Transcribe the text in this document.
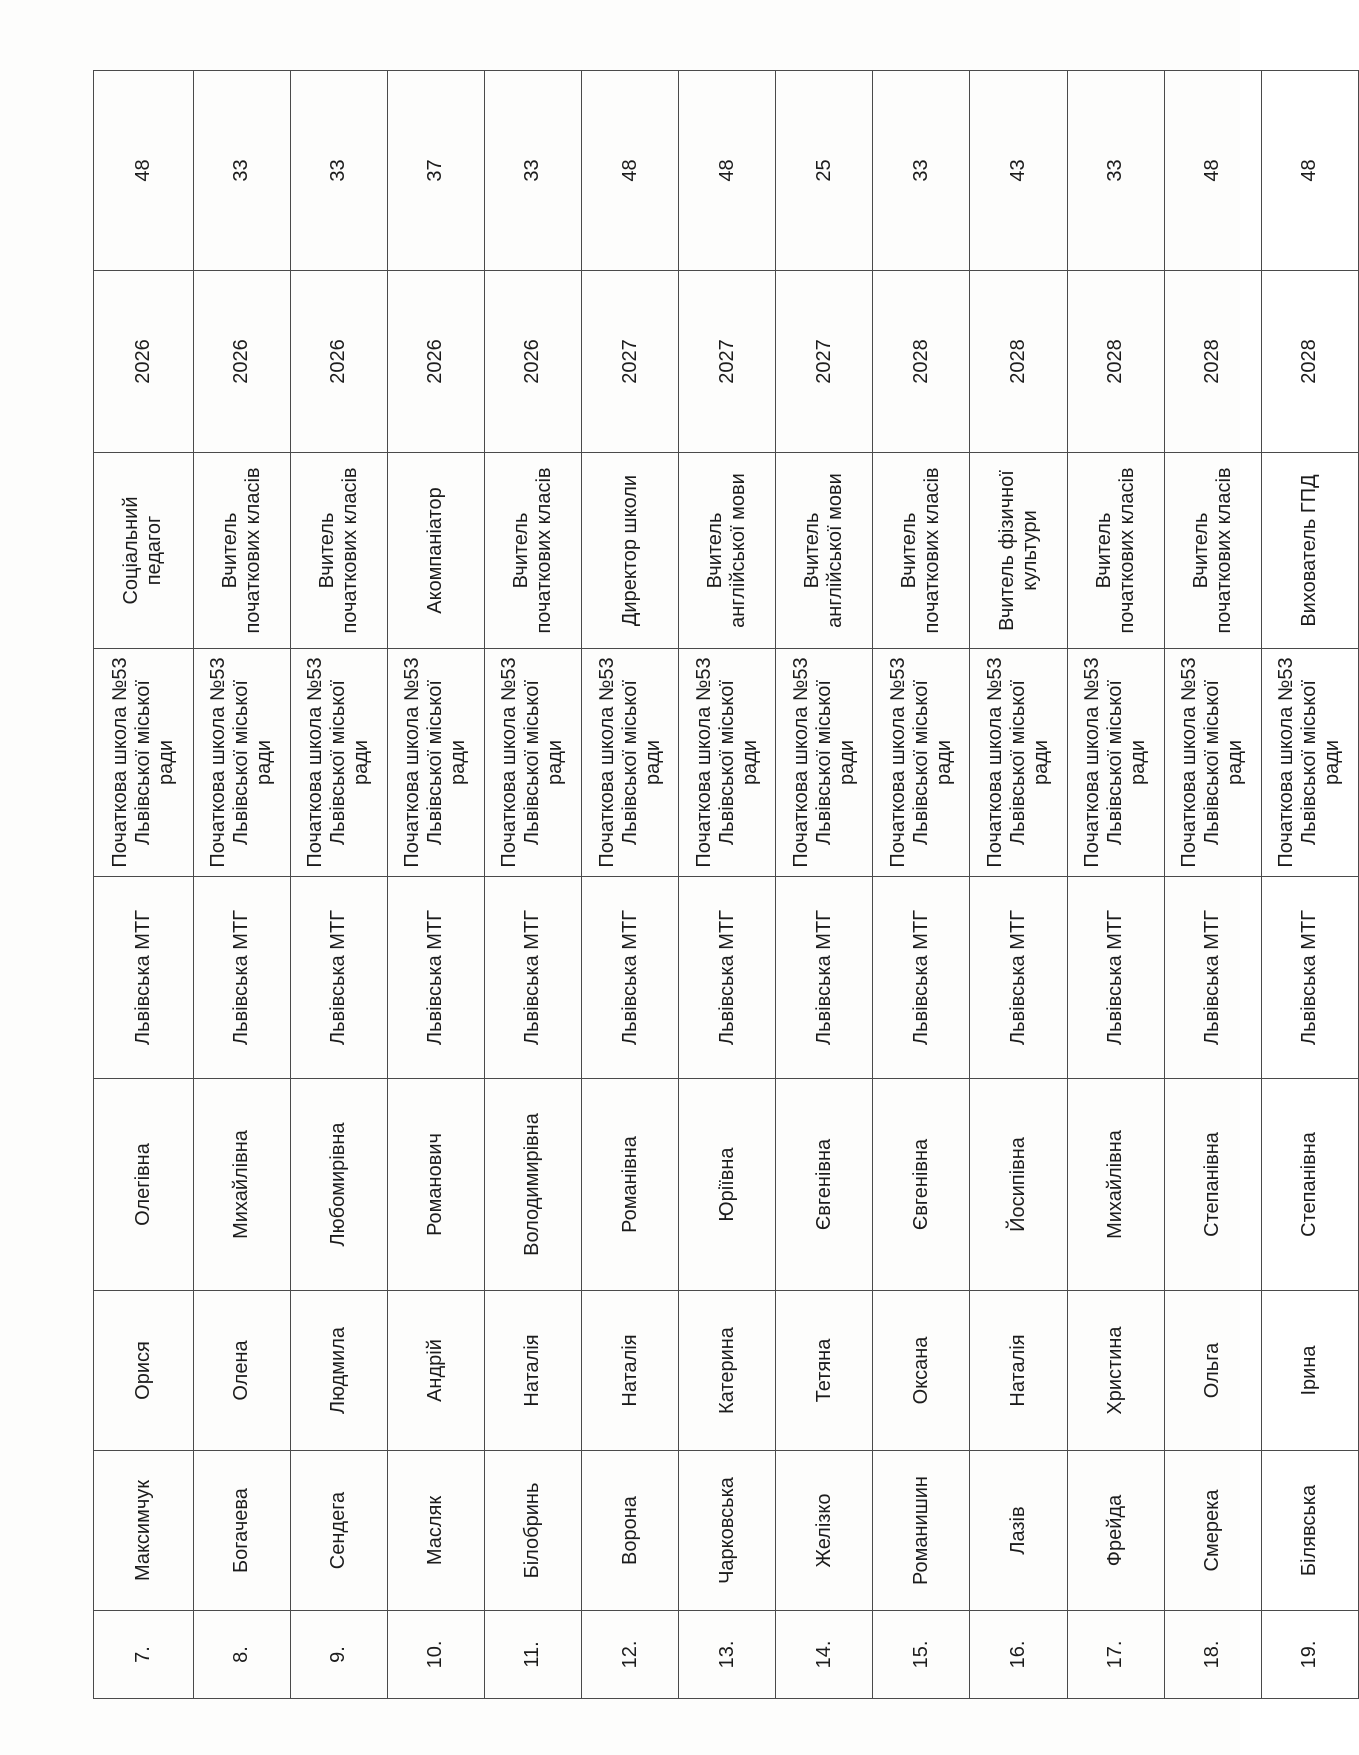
7.	Максимчук	Орися	Олегівна	Львівська МТГ	Початкова школа №53 Львівської міської ради	Соціальний педагог	2026	48
8.	Богачева	Олена	Михайлівна	Львівська МТГ	Початкова школа №53 Львівської міської ради	Вчитель початкових класів	2026	33
9.	Сендега	Людмила	Любомирівна	Львівська МТГ	Початкова школа №53 Львівської міської ради	Вчитель початкових класів	2026	33
10.	Масляк	Андрій	Романович	Львівська МТГ	Початкова школа №53 Львівської міської ради	Акомпаніатор	2026	37
11.	Білобринь	Наталія	Володимирівна	Львівська МТГ	Початкова школа №53 Львівської міської ради	Вчитель початкових класів	2026	33
12.	Ворона	Наталія	Романівна	Львівська МТГ	Початкова школа №53 Львівської міської ради	Директор школи	2027	48
13.	Чарковська	Катерина	Юріївна	Львівська МТГ	Початкова школа №53 Львівської міської ради	Вчитель англійської мови	2027	48
14.	Желізко	Тетяна	Євгенівна	Львівська МТГ	Початкова школа №53 Львівської міської ради	Вчитель англійської мови	2027	25
15.	Романишин	Оксана	Євгенівна	Львівська МТГ	Початкова школа №53 Львівської міської ради	Вчитель початкових класів	2028	33
16.	Лазів	Наталія	Йосипівна	Львівська МТГ	Початкова школа №53 Львівської міської ради	Вчитель фізичної культури	2028	43
17.	Фрейда	Христина	Михайлівна	Львівська МТГ	Початкова школа №53 Львівської міської ради	Вчитель початкових класів	2028	33
18.	Смерека	Ольга	Степанівна	Львівська МТГ	Початкова школа №53 Львівської міської ради	Вчитель початкових класів	2028	48
19.	Білявська	Ірина	Степанівна	Львівська МТГ	Початкова школа №53 Львівської міської ради	Вихователь ГПД	2028	48
